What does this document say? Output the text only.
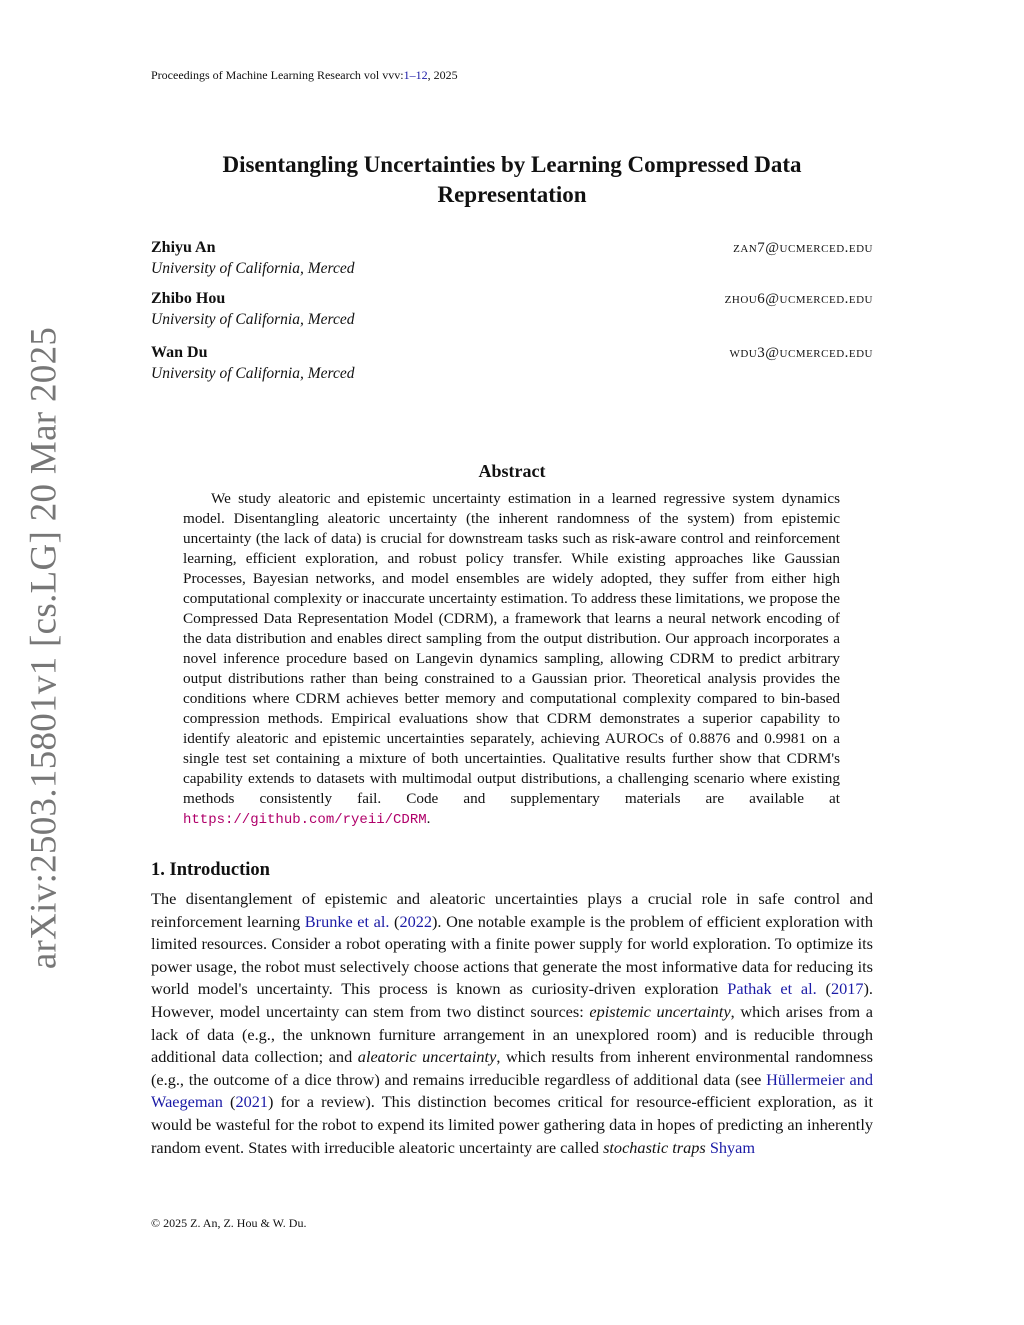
Proceedings of Machine Learning Research vol vvv:1–12, 2025
arXiv:2503.15801v1 [cs.LG] 20 Mar 2025
Disentangling Uncertainties by Learning Compressed Data Representation
Zhiyu An
University of California, Merced
zan7@ucmerced.edu
Zhibo Hou
University of California, Merced
zhou6@ucmerced.edu
Wan Du
University of California, Merced
wdu3@ucmerced.edu
Abstract

We study aleatoric and epistemic uncertainty estimation in a learned regressive system dynamics model. Disentangling aleatoric uncertainty (the inherent randomness of the system) from epistemic uncertainty (the lack of data) is crucial for downstream tasks such as risk-aware control and reinforcement learning, efficient exploration, and robust policy transfer. While existing approaches like Gaussian Processes, Bayesian networks, and model ensembles are widely adopted, they suffer from either high computational complexity or inaccurate uncertainty estimation. To address these limitations, we propose the Compressed Data Representation Model (CDRM), a framework that learns a neural network encoding of the data distribution and enables direct sampling from the output distribution. Our approach incorporates a novel inference procedure based on Langevin dynamics sampling, allowing CDRM to predict arbitrary output distributions rather than being constrained to a Gaussian prior. Theoretical analysis provides the conditions where CDRM achieves better memory and computational complexity compared to bin-based compression methods. Empirical evaluations show that CDRM demonstrates a superior capability to identify aleatoric and epistemic uncertainties separately, achieving AUROCs of 0.8876 and 0.9981 on a single test set containing a mixture of both uncertainties. Qualitative results further show that CDRM's capability extends to datasets with multimodal output distributions, a challenging scenario where existing methods consistently fail. Code and supplementary materials are available at https://github.com/ryeii/CDRM.

1. Introduction

The disentanglement of epistemic and aleatoric uncertainties plays a crucial role in safe control and reinforcement learning Brunke et al. (2022). One notable example is the problem of efficient exploration with limited resources. Consider a robot operating with a finite power supply for world exploration. To optimize its power usage, the robot must selectively choose actions that generate the most informative data for reducing its world model's uncertainty. This process is known as curiosity-driven exploration Pathak et al. (2017). However, model uncertainty can stem from two distinct sources: epistemic uncertainty, which arises from a lack of data (e.g., the unknown furniture arrangement in an unexplored room) and is reducible through additional data collection; and aleatoric uncertainty, which results from inherent environmental randomness (e.g., the outcome of a dice throw) and remains irreducible regardless of additional data (see Hüllermeier and Waegeman (2021) for a review). This distinction becomes critical for resource-efficient exploration, as it would be wasteful for the robot to expend its limited power gathering data in hopes of predicting an inherently random event. States with irreducible aleatoric uncertainty are called stochastic traps Shyam

© 2025 Z. An, Z. Hou & W. Du.
